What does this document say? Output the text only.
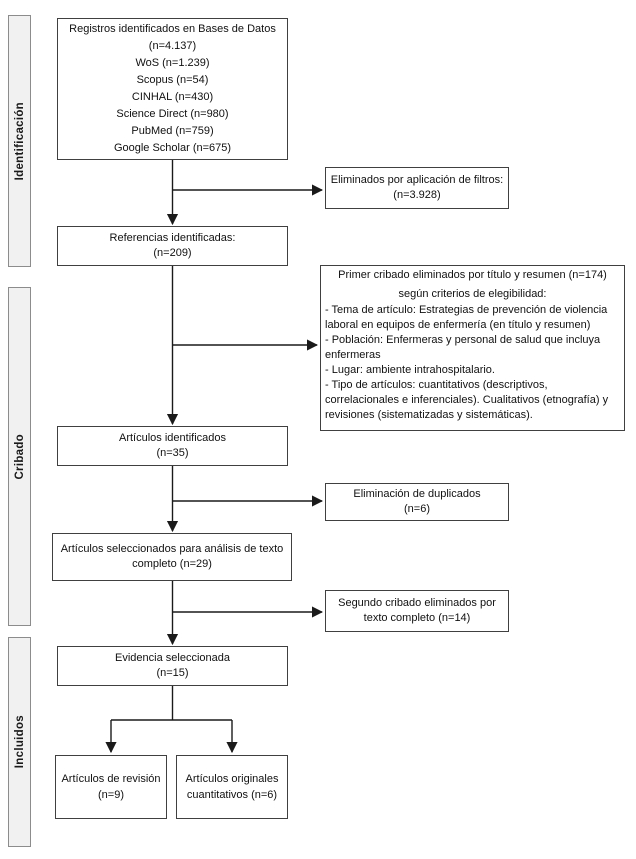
Identificación
Cribado
Incluidos
Registros identificados en Bases de Datos
(n=4.137)
WoS (n=1.239)
Scopus (n=54)
CINHAL (n=430)
Science Direct (n=980)
PubMed (n=759)
Google Scholar (n=675)
Eliminados por aplicación de filtros:
(n=3.928)
Referencias identificadas:
(n=209)
Primer cribado eliminados por título y resumen (n=174)
según criterios de elegibilidad:
- Tema de artículo: Estrategias de prevención de violencia laboral en equipos de enfermería (en título y resumen)
- Población: Enfermeras y personal de salud que incluya enfermeras
- Lugar: ambiente intrahospitalario.
- Tipo de artículos: cuantitativos (descriptivos, correlacionales e inferenciales). Cualitativos (etnografía) y revisiones (sistematizadas y sistemáticas).
Artículos identificados
(n=35)
Eliminación de duplicados
(n=6)
Artículos seleccionados para análisis de texto
completo (n=29)
Segundo cribado eliminados por
texto completo (n=14)
Evidencia seleccionada
(n=15)
Artículos de revisión
(n=9)
Artículos originales
cuantitativos (n=6)
